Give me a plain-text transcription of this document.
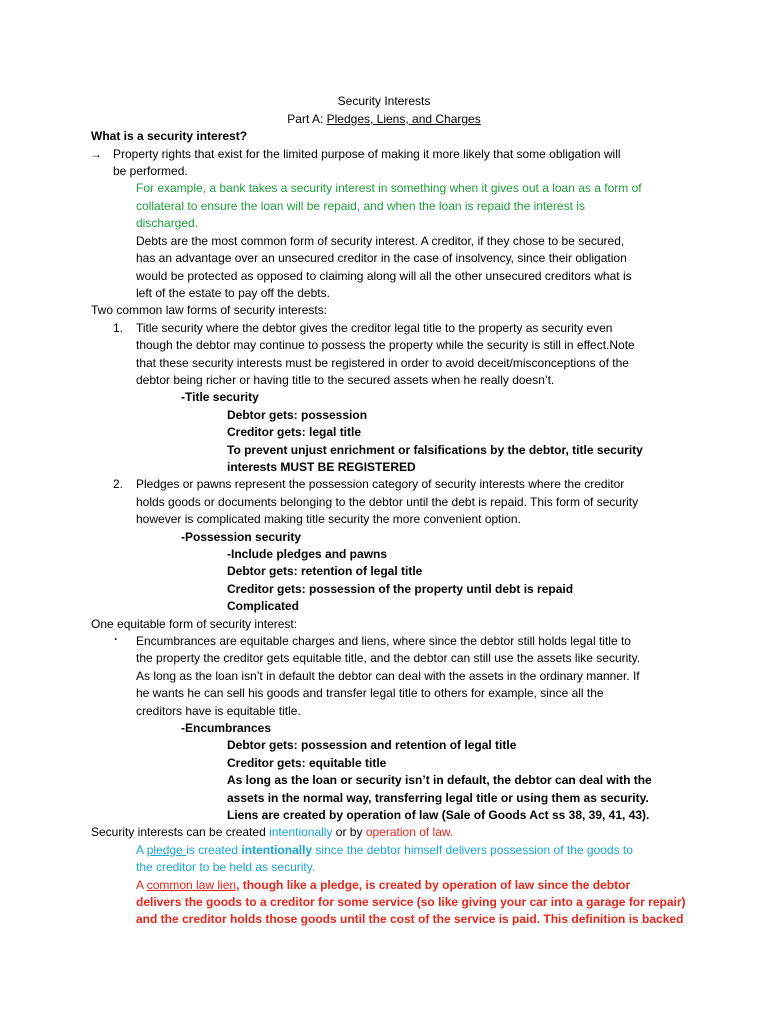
Security Interests
Part A: Pledges, Liens, and Charges
What is a security interest?
→ Property rights that exist for the limited purpose of making it more likely that some obligation will
be performed.
For example, a bank takes a security interest in something when it gives out a loan as a form of
collateral to ensure the loan will be repaid, and when the loan is repaid the interest is
discharged.
Debts are the most common form of security interest. A creditor, if they chose to be secured,
has an advantage over an unsecured creditor in the case of insolvency, since their obligation
would be protected as opposed to claiming along will all the other unsecured creditors what is
left of the estate to pay off the debts.
Two common law forms of security interests:
1. Title security where the debtor gives the creditor legal title to the property as security even
though the debtor may continue to possess the property while the security is still in effect.Note
that these security interests must be registered in order to avoid deceit/misconceptions of the
debtor being richer or having title to the secured assets when he really doesn’t.
-Title security
Debtor gets: possession
Creditor gets: legal title
To prevent unjust enrichment or falsifications by the debtor, title security
interests MUST BE REGISTERED
2. Pledges or pawns represent the possession category of security interests where the creditor
holds goods or documents belonging to the debtor until the debt is repaid. This form of security
however is complicated making title security the more convenient option.
-Possession security
-Include pledges and pawns
Debtor gets: retention of legal title
Creditor gets: possession of the property until debt is repaid
Complicated
One equitable form of security interest:
· Encumbrances are equitable charges and liens, where since the debtor still holds legal title to
the property the creditor gets equitable title, and the debtor can still use the assets like security.
As long as the loan isn’t in default the debtor can deal with the assets in the ordinary manner. If
he wants he can sell his goods and transfer legal title to others for example, since all the
creditors have is equitable title.
-Encumbrances
Debtor gets: possession and retention of legal title
Creditor gets: equitable title
As long as the loan or security isn’t in default, the debtor can deal with the
assets in the normal way, transferring legal title or using them as security.
Liens are created by operation of law (Sale of Goods Act ss 38, 39, 41, 43).
Security interests can be created intentionally or by operation of law.
A pledge is created intentionally since the debtor himself delivers possession of the goods to
the creditor to be held as security.
A common law lien, though like a pledge, is created by operation of law since the debtor
delivers the goods to a creditor for some service (so like giving your car into a garage for repair)
and the creditor holds those goods until the cost of the service is paid. This definition is backed
